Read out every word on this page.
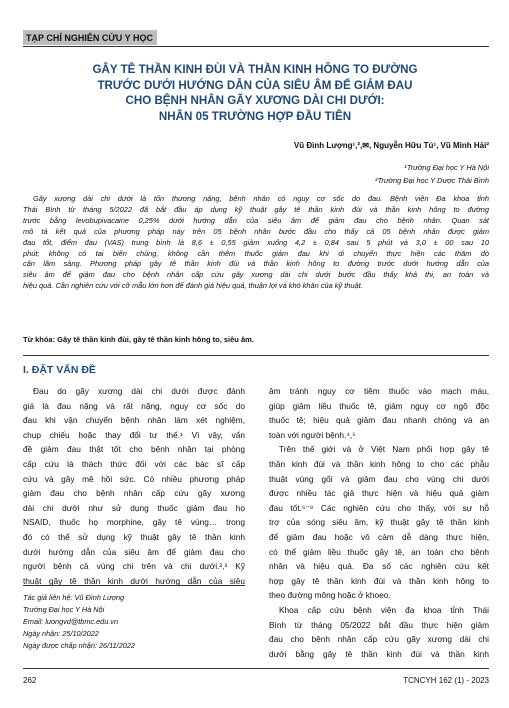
TẠP CHÍ NGHIÊN CỨU Y HỌC
GÂY TÊ THẦN KINH ĐÙI VÀ THẦN KINH HÔNG TO ĐƯỜNG
TRƯỚC DƯỚI HƯỚNG DẪN CỦA SIÊU ÂM ĐỂ GIẢM ĐAU
CHO BỆNH NHÂN GÃY XƯƠNG DÀI CHI DƯỚI:
NHÂN 05 TRƯỜNG HỢP ĐẦU TIÊN
Vũ Đình Lượng¹,²,✉, Nguyễn Hữu Tú¹, Vũ Minh Hải²
¹Trường Đại học Y Hà Nội
²Trường Đại học Y Dược Thái Bình
Gãy xương dài chi dưới là tổn thương nặng, bệnh nhân có nguy cơ sốc do đau. Bệnh viện Đa khoa tỉnh
Thái Bình từ tháng 5/2022 đã bắt đầu áp dụng kỹ thuật gây tê thần kinh đùi và thần kinh hông to đường
trước bằng levobupivacaine 0,25% dưới hướng dẫn của siêu âm để giảm đau cho bệnh nhân. Quan sát
mô tả kết quả của phương pháp này trên 05 bệnh nhân bước đầu cho thấy cả 05 bệnh nhân được giảm
đau tốt, điểm đau (VAS) trung bình là 8,6 ± 0,55 giảm xuống 4,2 ± 0,84 sau 5 phút và 3,0 ± 00 sau 10
phút; không có tai biến chủng, không cần thêm thuốc giảm đau khi di chuyển thực hiện các thăm dò
cận lâm sàng. Phương pháp gây tê thần kinh đùi và thần kinh hông to đường trước dưới hướng dẫn của
siêu âm để giảm đau cho bệnh nhân cấp cứu gãy xương dài chi dưới bước đầu thấy khả thi, an toàn và
hiệu quả. Cần nghiên cứu với cỡ mẫu lớn hơn để đánh giá hiệu quả, thuận lợi và khó khăn của kỹ thuật.
Từ khóa: Gây tê thần kinh đùi, gây tê thần kinh hông to, siêu âm.
I. ĐẶT VẤN ĐỀ
Đau do gãy xương dài chi dưới được đánh
giá là đau nặng và rất nặng, nguy cơ sốc do
đau khi vận chuyển bệnh nhân làm xét nghiệm,
chụp chiếu hoặc thay đổi tư thế.¹ Vì vậy, vấn
đề giảm đau thật tốt cho bệnh nhân tại phòng
cấp cứu là thách thức đối với các bác sĩ cấp
cứu và gây mê hồi sức. Có nhiều phương pháp
giảm đau cho bệnh nhân cấp cứu gãy xương
dài chi dưới như sử dụng thuốc giảm đau họ
NSAID, thuốc họ morphine, gây tê vùng… trong
đó có thể sử dụng kỹ thuật gây tê thần kinh
dưới hướng dẫn của siêu âm để giảm đau cho
người bệnh cả vùng chi trên và chi dưới.²,³ Kỹ
thuật gây tê thần kinh dưới hướng dẫn của siêu
Tác giả liên hệ: Vũ Đình Lượng
Trường Đại học Y Hà Nội
Email: luongvd@tbmc.edu.vn
Ngày nhận: 25/10/2022
Ngày được chấp nhận: 26/11/2022
âm tránh nguy cơ tiêm thuốc vào mạch máu,
giúp giảm liều thuốc tê, giảm nguy cơ ngộ độc
thuốc tê; hiệu quả giảm đau nhanh chóng và an
toàn với người bệnh.⁴,⁵
Trên thế giới và ở Việt Nam phối hợp gây tê
thần kinh đùi và thần kinh hông to cho các phẫu
thuật vùng gối và giảm đau cho vùng chi dưới
được nhiều tác giả thực hiện và hiệu quả giảm
đau tốt.⁶⁻⁹ Các nghiên cứu cho thấy, với sự hỗ
trợ của sóng siêu âm, kỹ thuật gây tê thần kinh
để giảm đau hoặc vô cảm dễ dàng thực hiện,
có thể giảm liều thuốc gây tê, an toàn cho bệnh
nhân và hiệu quả. Đa số các nghiên cứu kết
hợp gây tê thần kinh đùi và thần kinh hông to
theo đường mông hoặc ở khoeo.
Khoa cấp cứu bệnh viện đa khoa tỉnh Thái
Bình từ tháng 05/2022 bắt đầu thực hiện giảm
đau cho bệnh nhân cấp cứu gãy xương dài chi
dưới bằng gây tê thần kinh đùi và thần kinh
262	TCNCYH 162 (1) - 2023
